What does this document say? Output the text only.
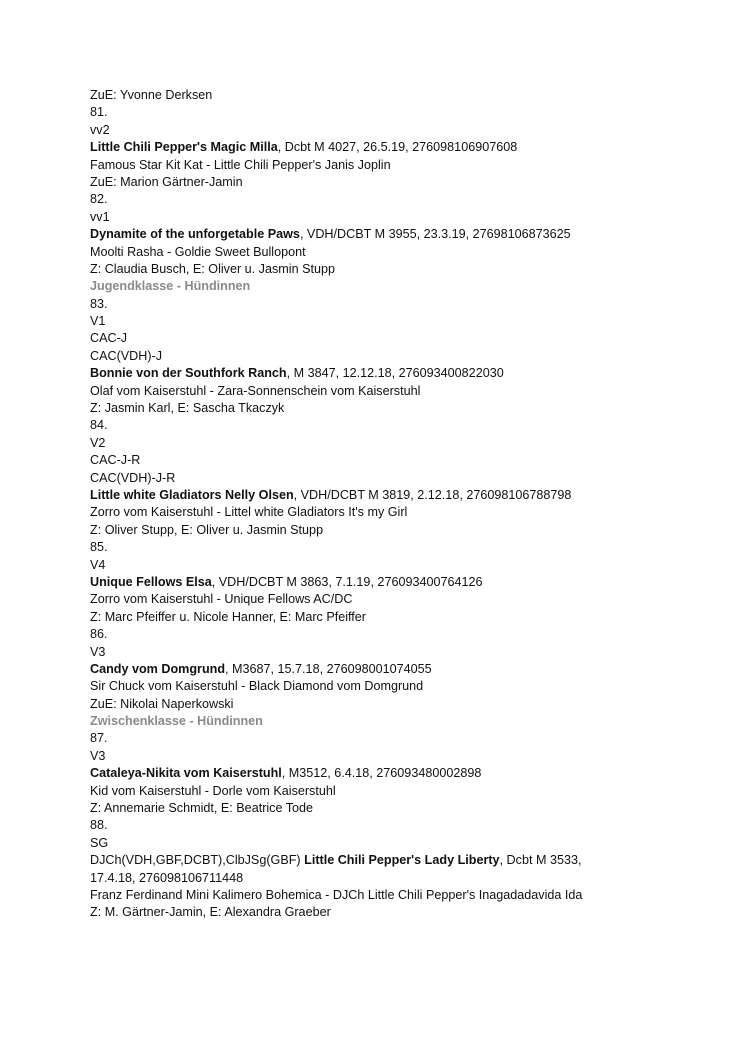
ZuE: Yvonne Derksen

81.

vv2

Little Chili Pepper's Magic Milla, Dcbt M 4027, 26.5.19, 276098106907608

Famous Star Kit Kat - Little Chili Pepper's Janis Joplin

ZuE: Marion Gärtner-Jamin

82.

vv1

Dynamite of the unforgetable Paws, VDH/DCBT M 3955, 23.3.19, 27698106873625

Moolti Rasha - Goldie Sweet Bullopont

Z: Claudia Busch, E: Oliver u. Jasmin Stupp

Jugendklasse - Hündinnen

83.

V1

CAC-J

CAC(VDH)-J

Bonnie von der Southfork Ranch, M 3847, 12.12.18, 276093400822030

Olaf vom Kaiserstuhl - Zara-Sonnenschein vom Kaiserstuhl

Z: Jasmin Karl, E: Sascha Tkaczyk

84.

V2

CAC-J-R

CAC(VDH)-J-R

Little white Gladiators Nelly Olsen, VDH/DCBT M 3819, 2.12.18, 276098106788798

Zorro vom Kaiserstuhl - Littel white Gladiators It's my Girl

Z: Oliver Stupp, E: Oliver u. Jasmin Stupp

85.

V4

Unique Fellows Elsa, VDH/DCBT M 3863, 7.1.19, 276093400764126

Zorro vom Kaiserstuhl - Unique Fellows AC/DC

Z: Marc Pfeiffer u. Nicole Hanner, E: Marc Pfeiffer

86.

V3

Candy vom Domgrund, M3687, 15.7.18, 276098001074055

Sir Chuck vom Kaiserstuhl - Black Diamond vom Domgrund

ZuE: Nikolai Naperkowski

Zwischenklasse - Hündinnen

87.

V3

Cataleya-Nikita vom Kaiserstuhl, M3512, 6.4.18, 276093480002898

Kid vom Kaiserstuhl - Dorle vom Kaiserstuhl

Z: Annemarie Schmidt, E: Beatrice Tode

88.

SG

DJCh(VDH,GBF,DCBT),ClbJSg(GBF) Little Chili Pepper's Lady Liberty, Dcbt M 3533,

17.4.18, 276098106711448

Franz Ferdinand Mini Kalimero Bohemica - DJCh Little Chili Pepper's Inagadadavida Ida

Z: M. Gärtner-Jamin, E: Alexandra Graeber
